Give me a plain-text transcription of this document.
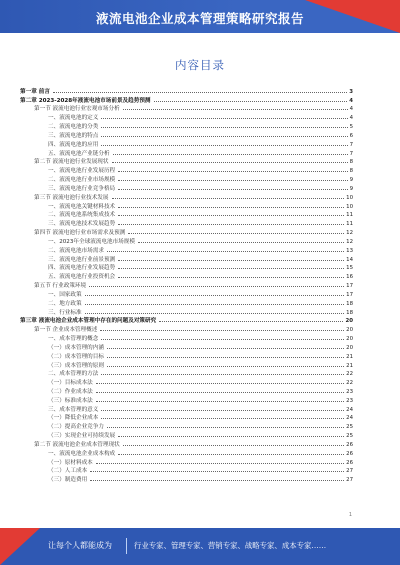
液流电池企业成本管理策略研究报告
内容目录
第一章 前言	3
第二章 2023-2028年液流电池市场前景及趋势预测	4
第一节 液流电池行业宏观市场分析	4
一、液流电池的定义	4
二、液流电池的分类	5
三、液流电池的特点	6
四、液流电池的应用	7
五、液流电池产业链分析	7
第二节 液流电池行业发展现状	8
一、液流电池行业发展历程	8
二、液流电池行业市场规模	9
三、液流电池行业竞争格局	9
第三节 液流电池行业技术发展	10
一、液流电池关键材料技术	10
二、液流电池系统集成技术	11
三、液流电池技术发展趋势	11
第四节 液流电池行业市场需求及预测	12
一、2023年全球液流电池市场规模	12
二、液流电池市场需求	13
三、液流电池行业前景预测	14
四、液流电池行业发展趋势	15
五、液流电池行业投资机会	16
第五节 行业政策环境	17
一、国家政策	17
二、地方政策	18
三、行业标准	18
第三章 液流电池企业成本管理中存在的问题及对策研究	20
第一节 企业成本管理概述	20
一、成本管理的概念	20
（一）成本管理的内涵	20
（二）成本管理的目标	21
（三）成本管理的原则	21
二、成本管理的方法	22
（一）目标成本法	22
（二）作业成本法	23
（三）标准成本法	23
三、成本管理的意义	24
（一）降低企业成本	24
（二）提高企业竞争力	25
（三）实现企业可持续发展	25
第二节 液流电池企业成本管理现状	26
一、液流电池企业成本构成	26
（一）原材料成本	26
（二）人工成本	27
（三）制造费用	27
1
让每个人都能成为	行业专家、管理专家、营销专家、战略专家、成本专家……
